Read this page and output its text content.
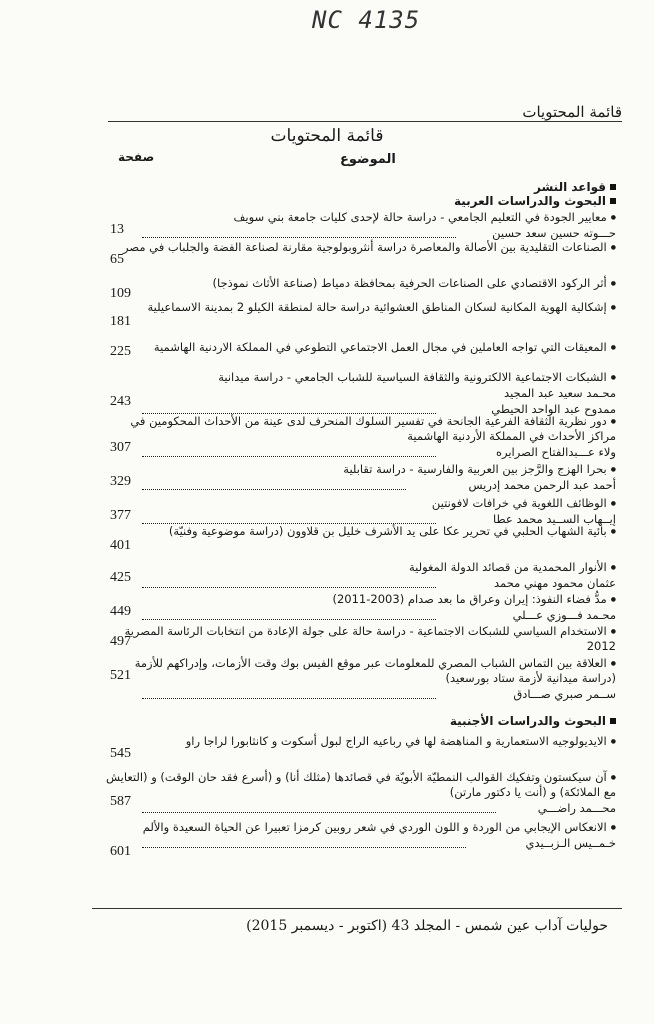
NC 4135
قائمة المحتويات
قائمة المحتويات
الموضوع
صفحة
قواعد النشر
البحوث والدراسات العربية
● معايير الجودة في التعليم الجامعي - دراسة حالة لإحدى كليات جامعة بني سويف
حـــوته حسين سعد حسين
13
● الصناعات التقليدية بين الأصالة والمعاصرة دراسة أنثروبولوجية مقارنة لصناعة الفضة والجلباب في مصر
65
● أثر الركود الاقتصادي على الصناعات الحرفية بمحافظة دمياط (صناعة الأثاث نموذجا)
109
● إشكالية الهوية المكانية لسكان المناطق العشوائية دراسة حالة لمنطقة الكيلو 2 بمدينة الاسماعيلية
181
● المعيقات التي تواجه العاملين في مجال العمل الاجتماعي التطوعي في المملكة الاردنية الهاشمية
225
● الشبكات الاجتماعية الالكترونية والثقافة السياسية للشباب الجامعي - دراسة ميدانية
محـمد سعيد عبد المجيد
ممدوح عبد الواحد الحيطي
243
● دور نظرية الثقافة الفرعية الجانحة في تفسير السلوك المنحرف لدى عينة من الأحداث المحكومين في مراكز الأحداث في المملكة الأردنية الهاشمية
ولاء عـــبدالفتاح الصرايره
307
● بحرا الهزج والرَّجز بين العربية والفارسية - دراسة تقابلية
أحمد عبد الرحمن محمد إدريس
329
● الوظائف اللغوية في خرافات لافونتين
إيــهاب الســيد محمد عطا
377
● بائية الشهاب الحلبي في تحرير عكا على يد الأشرف خليل بن قلاوون (دراسة موضوعية وفنيّة)
401
● الأنوار المحمدية من قصائد الدولة المغولية
عثمان محمود مهني محمد
425
● مدُّ فضاء النفوذ: إيران وعراق ما بعد صدام (2003-2011)
محـمد فـــوزي عـــلي
449
● الاستخدام السياسي للشبكات الاجتماعية - دراسة حالة على جولة الإعادة من انتخابات الرئاسة المصرية 2012
497
● العلاقة بين التماس الشباب المصري للمعلومات عبر موقع الفيس بوك وقت الأزمات، وإدراكهم للأزمة (دراسة ميدانية لأزمة ستاد بورسعيد)
ســمر صبري صـــادق
521
البحوث والدراسات الأجنبية
● الايديولوجيه الاستعمارية و المناهضة لها في رباعيه الراج لبول أسكوت و كانثابورا لراجا راو
545
● آن سيكستون وتفكيك القوالب النمطيّة الأبويّة في قصائدها (مثلك أنا) و (أسرع فقد حان الوقت) و (التعايش مع الملائكة) و (أنت يا دكتور مارتن)
محـــمد راضـــي
587
● الانعكاس الإيجابي من الوردة و اللون الوردي في شعر روبين كرمزا تعبيرا عن الحياة السعيدة والألم
خـمــيس الـزبــيدي
601
حوليات آداب عين شمس - المجلد 43 (اكتوبر - ديسمبر 2015)
